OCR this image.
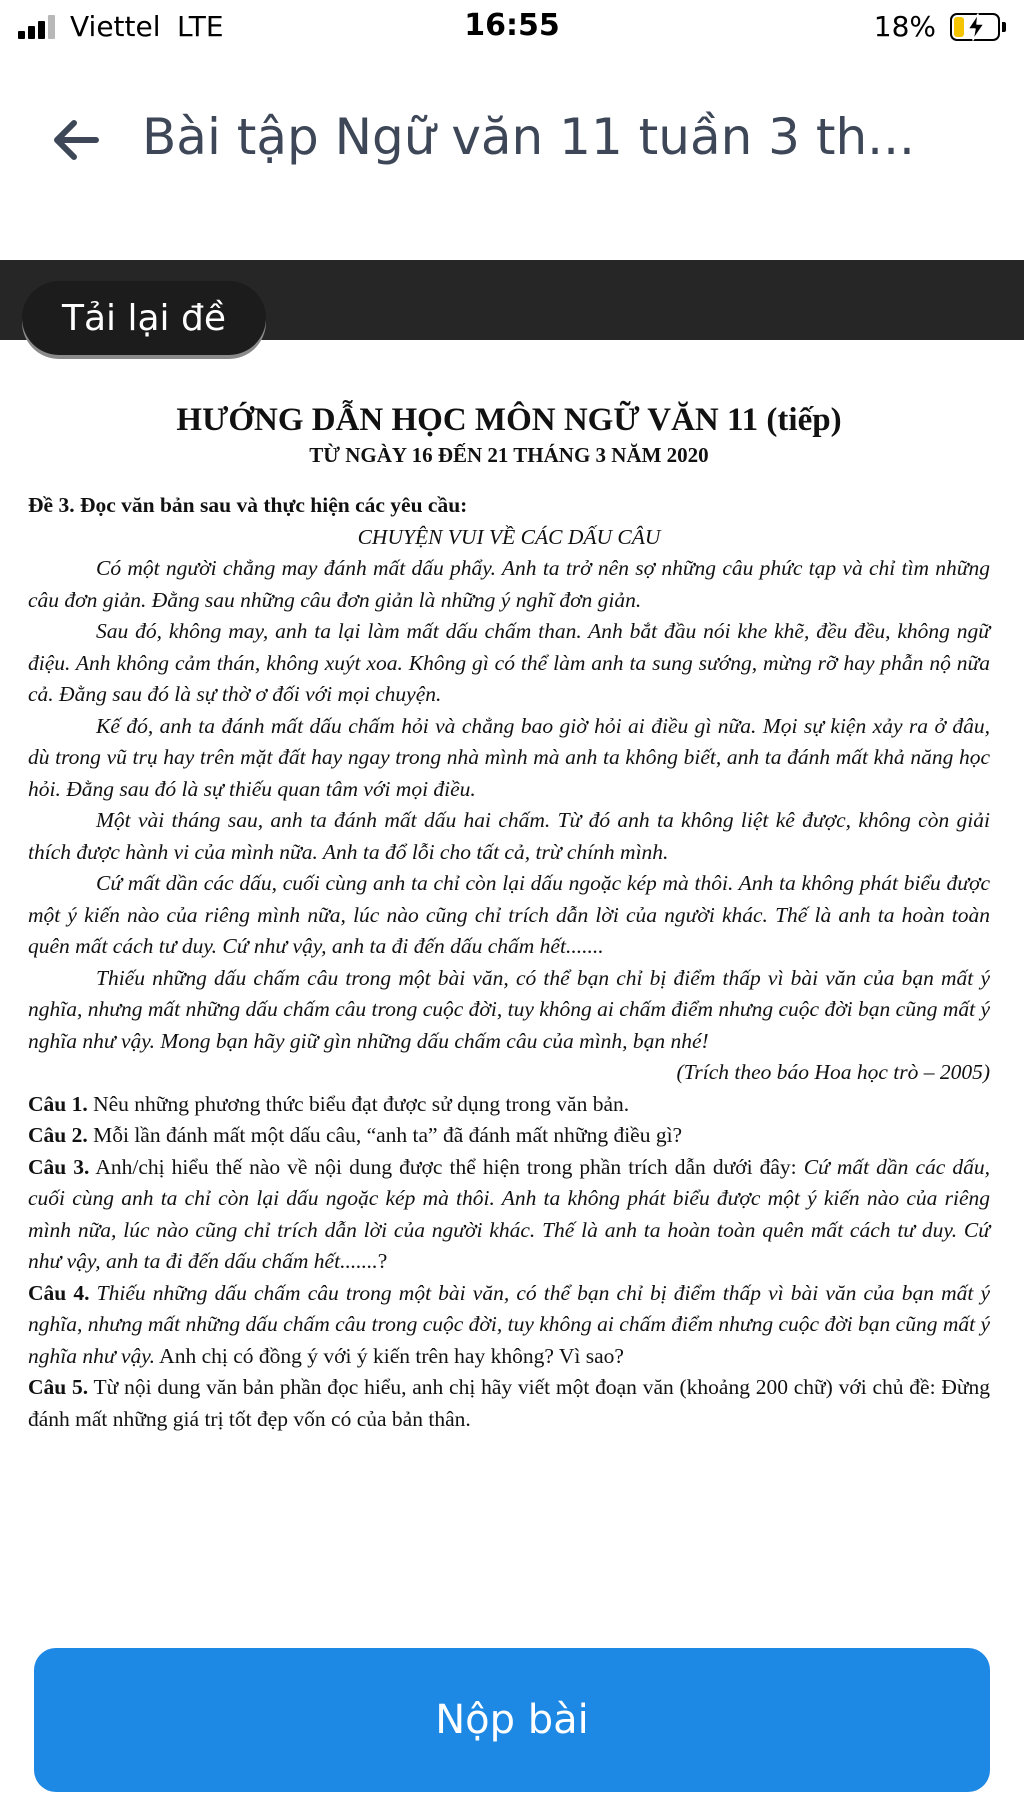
Viettel LTE	16:55	18%
Bài tập Ngữ văn 11 tuần 3 th...
Tải lại đề
HƯỚNG DẪN HỌC MÔN NGỮ VĂN 11 (tiếp)
TỪ NGÀY 16 ĐẾN 21 THÁNG 3 NĂM 2020

Đề 3. Đọc văn bản sau và thực hiện các yêu cầu:

CHUYỆN VUI VỀ CÁC DẤU CÂU

Có một người chẳng may đánh mất dấu phẩy. Anh ta trở nên sợ những câu phức tạp và chỉ tìm những câu đơn giản. Đằng sau những câu đơn giản là những ý nghĩ đơn giản.

Sau đó, không may, anh ta lại làm mất dấu chấm than. Anh bắt đầu nói khe khẽ, đều đều, không ngữ điệu. Anh không cảm thán, không xuýt xoa. Không gì có thể làm anh ta sung sướng, mừng rỡ hay phẫn nộ nữa cả. Đằng sau đó là sự thờ ơ đối với mọi chuyện.

Kế đó, anh ta đánh mất dấu chấm hỏi và chẳng bao giờ hỏi ai điều gì nữa. Mọi sự kiện xảy ra ở đâu, dù trong vũ trụ hay trên mặt đất hay ngay trong nhà mình mà anh ta không biết, anh ta đánh mất khả năng học hỏi. Đằng sau đó là sự thiếu quan tâm với mọi điều.

Một vài tháng sau, anh ta đánh mất dấu hai chấm. Từ đó anh ta không liệt kê được, không còn giải thích được hành vi của mình nữa. Anh ta đổ lỗi cho tất cả, trừ chính mình.

Cứ mất dần các dấu, cuối cùng anh ta chỉ còn lại dấu ngoặc kép mà thôi. Anh ta không phát biểu được một ý kiến nào của riêng mình nữa, lúc nào cũng chỉ trích dẫn lời của người khác. Thế là anh ta hoàn toàn quên mất cách tư duy. Cứ như vậy, anh ta đi đến dấu chấm hết.......

Thiếu những dấu chấm câu trong một bài văn, có thể bạn chỉ bị điểm thấp vì bài văn của bạn mất ý nghĩa, nhưng mất những dấu chấm câu trong cuộc đời, tuy không ai chấm điểm nhưng cuộc đời bạn cũng mất ý nghĩa như vậy. Mong bạn hãy giữ gìn những dấu chấm câu của mình, bạn nhé!

(Trích theo báo Hoa học trò – 2005)

Câu 1. Nêu những phương thức biểu đạt được sử dụng trong văn bản.

Câu 2. Mỗi lần đánh mất một dấu câu, “anh ta” đã đánh mất những điều gì?

Câu 3. Anh/chị hiểu thế nào về nội dung được thể hiện trong phần trích dẫn dưới đây: Cứ mất dần các dấu, cuối cùng anh ta chỉ còn lại dấu ngoặc kép mà thôi. Anh ta không phát biểu được một ý kiến nào của riêng mình nữa, lúc nào cũng chỉ trích dẫn lời của người khác. Thế là anh ta hoàn toàn quên mất cách tư duy. Cứ như vậy, anh ta đi đến dấu chấm hết.......?

Câu 4. Thiếu những dấu chấm câu trong một bài văn, có thể bạn chỉ bị điểm thấp vì bài văn của bạn mất ý nghĩa, nhưng mất những dấu chấm câu trong cuộc đời, tuy không ai chấm điểm nhưng cuộc đời bạn cũng mất ý nghĩa như vậy. Anh chị có đồng ý với ý kiến trên hay không? Vì sao?

Câu 5. Từ nội dung văn bản phần đọc hiểu, anh chị hãy viết một đoạn văn (khoảng 200 chữ) với chủ đề: Đừng đánh mất những giá trị tốt đẹp vốn có của bản thân.

Nộp bài
